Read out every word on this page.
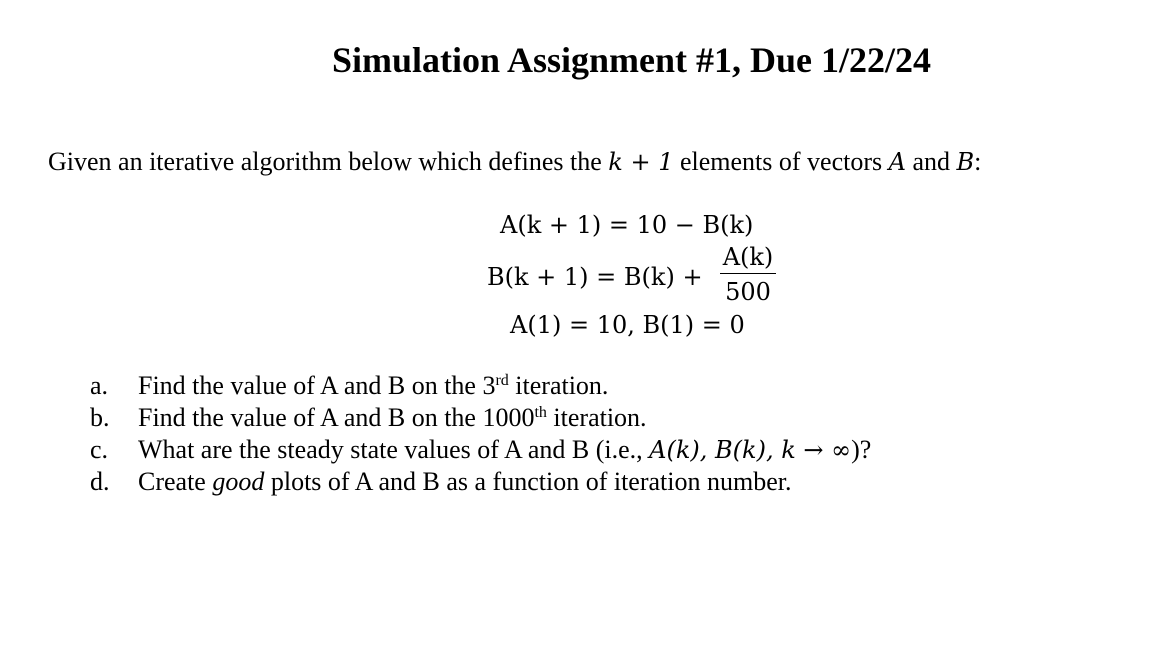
Simulation Assignment #1, Due 1/22/24
Given an iterative algorithm below which defines the k + 1 elements of vectors A and B:
A(k + 1) = 10 − B(k)
B(k + 1) = B(k) +
A(k)
500
A(1) = 10, B(1) = 0
a.	Find the value of A and B on the 3rd iteration.
b.	Find the value of A and B on the 1000th iteration.
c.	What are the steady state values of A and B (i.e., A(k), B(k), k → ∞)?
d.	Create good plots of A and B as a function of iteration number.
